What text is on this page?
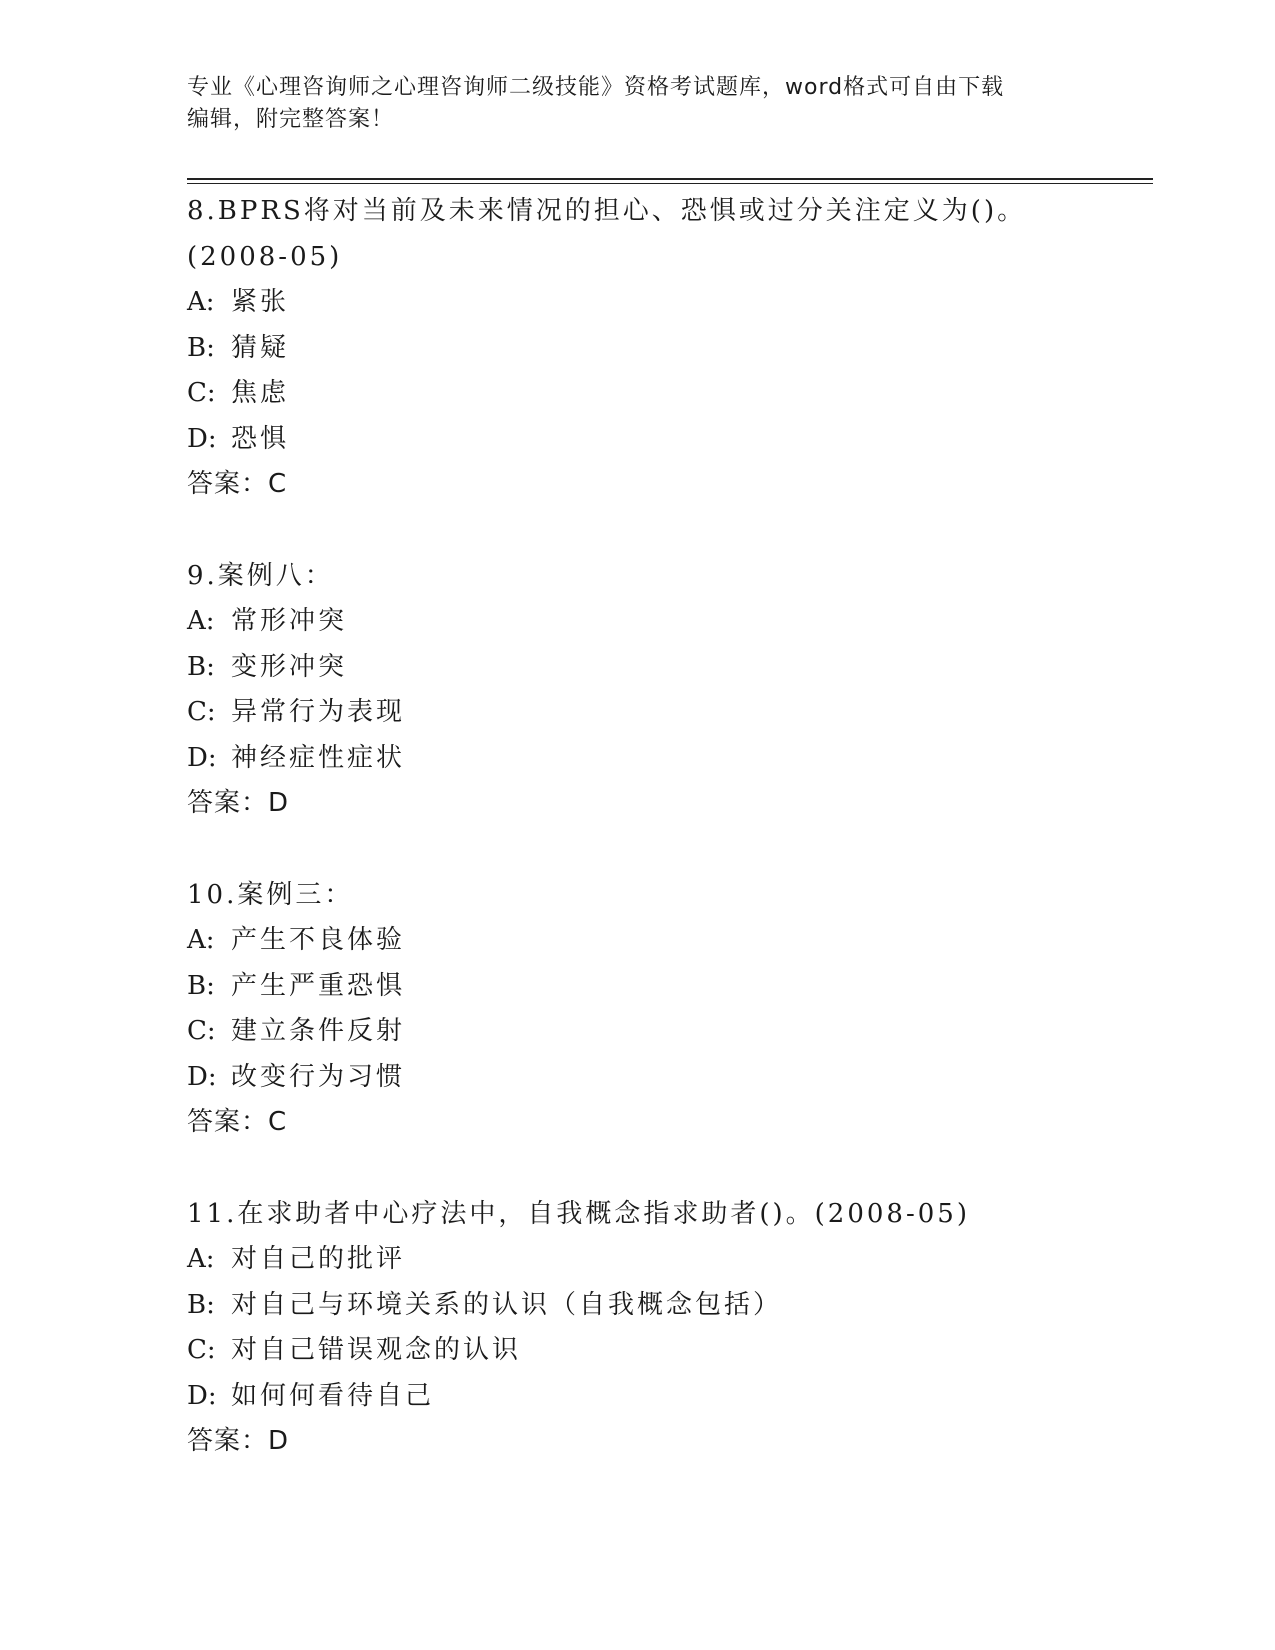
专业《心理咨询师之心理咨询师二级技能》资格考试题库，word格式可自由下载
编辑，附完整答案！
8.BPRS将对当前及未来情况的担心、恐惧或过分关注定义为()。
(2008-05)
A: 紧张
B: 猜疑
C: 焦虑
D: 恐惧
答案：C
9.案例八：
A: 常形冲突
B: 变形冲突
C: 异常行为表现
D: 神经症性症状
答案：D
10.案例三：
A: 产生不良体验
B: 产生严重恐惧
C: 建立条件反射
D: 改变行为习惯
答案：C
11.在求助者中心疗法中，自我概念指求助者()。(2008-05)
A: 对自己的批评
B: 对自己与环境关系的认识（自我概念包括）
C: 对自己错误观念的认识
D: 如何何看待自己
答案：D
